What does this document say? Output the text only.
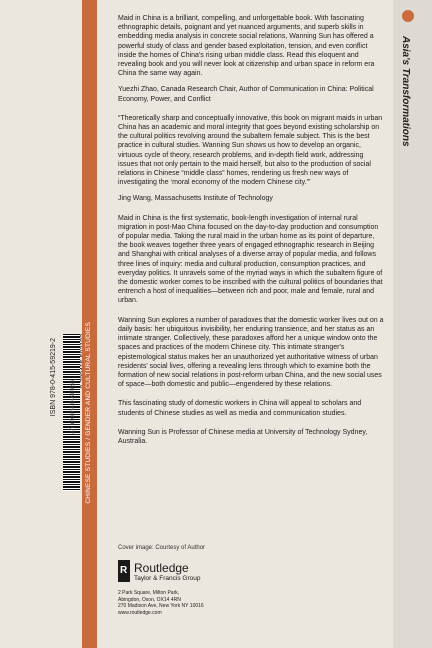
ISBN 978-0-415-59219-2 an informa business CHINESE STUDIES / GENDER AND CULTURAL STUDIES
Asia's Transformations

Maid in China is a brilliant, compelling, and unforgettable book. With fascinating ethnographic details, poignant and yet nuanced arguments, and superb skills in embedding media analysis in concrete social relations, Wanning Sun has offered a powerful study of class and gender based exploitation, tension, and even conflict inside the homes of China's rising urban middle class. Read this eloquent and revealing book and you will never look at citizenship and urban space in reform era China the same way again.

Yuezhi Zhao, Canada Research Chair, Author of Communication in China: Political Economy, Power, and Conflict

“Theoretically sharp and conceptually innovative, this book on migrant maids in urban China has an academic and moral integrity that goes beyond existing scholarship on the cultural politics revolving around the subaltern female subject. This is the best practice in cultural studies. Wanning Sun shows us how to develop an organic, virtuous cycle of theory, research problems, and in-depth field work, addressing issues that not only pertain to the maid herself, but also to the production of social relations in Chinese “middle class” homes, rendering us fresh new ways of investigating the ‘moral economy of the modern Chinese city.’”

Jing Wang, Massachusetts Institute of Technology

Maid in China is the first systematic, book-length investigation of internal rural migration in post-Mao China focused on the day-to-day production and consumption of popular media. Taking the rural maid in the urban home as its point of departure, the book weaves together three years of engaged ethnographic research in Beijing and Shanghai with critical analyses of a diverse array of popular media, and follows three lines of inquiry: media and cultural production, consumption practices, and everyday politics. It unravels some of the myriad ways in which the subaltern figure of the domestic worker comes to be inscribed with the cultural politics of boundaries that entrench a host of inequalities—between rich and poor, male and female, rural and urban.

Wanning Sun explores a number of paradoxes that the domestic worker lives out on a daily basis: her ubiquitous invisibility, her enduring transience, and her status as an intimate stranger. Collectively, these paradoxes afford her a unique window onto the spaces and practices of the modern Chinese city. This intimate stranger's epistemological status makes her an unauthorized yet authoritative witness of urban residents' social lives, offering a revealing lens through which to examine both the formation of new social relations in post-reform urban China, and the new social uses of space—both domestic and public—engendered by these relations.

This fascinating study of domestic workers in China will appeal to scholars and students of Chinese studies as well as media and communication studies.

Wanning Sun is Professor of Chinese media at University of Technology Sydney, Australia.

Cover image: Courtesy of Author
R Routledge
Taylor & Francis Group
2 Park Square, Milton Park,
Abingdon, Oxon, OX14 4RN
270 Madison Ave, New York NY 10016
www.routledge.com
